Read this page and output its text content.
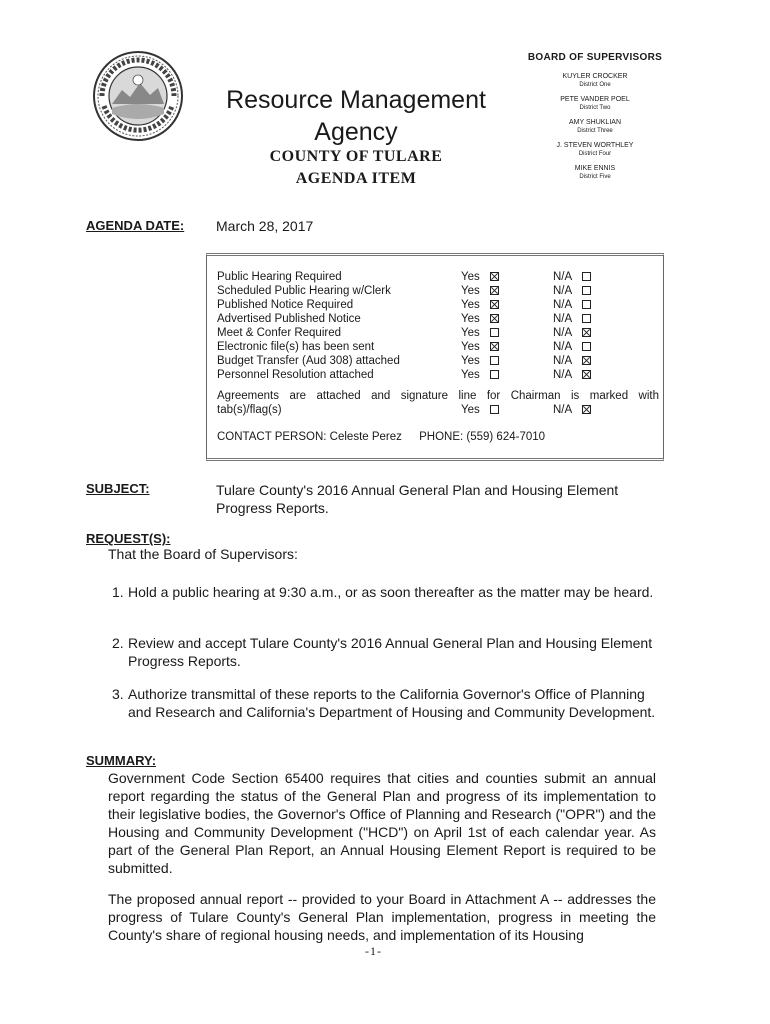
Resource Management
Agency
COUNTY OF TULARE
AGENDA ITEM
BOARD OF SUPERVISORS
KUYLER CROCKER
District One
PETE VANDER POEL
District Two
AMY SHUKLIAN
District Three
J. STEVEN WORTHLEY
District Four
MIKE ENNIS
District Five
AGENDA DATE: March 28, 2017
Public Hearing Required	Yes	N/A
Scheduled Public Hearing w/Clerk	Yes	N/A
Published Notice Required	Yes	N/A
Advertised Published Notice	Yes	N/A
Meet & Confer Required	Yes	N/A
Electronic file(s) has been sent	Yes	N/A
Budget Transfer (Aud 308) attached	Yes	N/A
Personnel Resolution attached	Yes	N/A
Agreements are attached and signature line for Chairman is marked with
tab(s)/flag(s)	Yes	N/A
CONTACT PERSON: Celeste Perez PHONE: (559) 624-7010
SUBJECT:	Tulare County's 2016 Annual General Plan and Housing Element Progress Reports.
REQUEST(S):
That the Board of Supervisors:
1. Hold a public hearing at 9:30 a.m., or as soon thereafter as the matter may be heard.
2. Review and accept Tulare County's 2016 Annual General Plan and Housing Element Progress Reports.
3. Authorize transmittal of these reports to the California Governor's Office of Planning and Research and California's Department of Housing and Community Development.
SUMMARY:
Government Code Section 65400 requires that cities and counties submit an annual report regarding the status of the General Plan and progress of its implementation to their legislative bodies, the Governor's Office of Planning and Research ("OPR") and the Housing and Community Development ("HCD") on April 1st of each calendar year. As part of the General Plan Report, an Annual Housing Element Report is required to be submitted.
The proposed annual report -- provided to your Board in Attachment A -- addresses the progress of Tulare County's General Plan implementation, progress in meeting the County's share of regional housing needs, and implementation of its Housing
-1-
